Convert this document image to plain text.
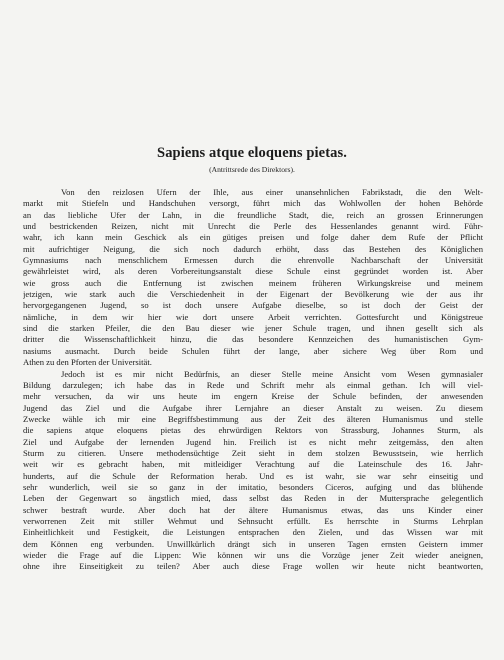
Sapiens atque eloquens pietas.
(Antrittsrede des Direktors).
Von den reizlosen Ufern der Ihle, aus einer unansehnlichen Fabrikstadt, die den Welt-
markt mit Stiefeln und Handschuhen versorgt, führt mich das Wohlwollen der hohen Behörde
an das liebliche Ufer der Lahn, in die freundliche Stadt, die, reich an grossen Erinnerungen
und bestrickenden Reizen, nicht mit Unrecht die Perle des Hessenlandes genannt wird. Führ-
wahr, ich kann mein Geschick als ein gütiges preisen und folge daher dem Rufe der Pflicht
mit aufrichtiger Neigung, die sich noch dadurch erhöht, dass das Bestehen des Königlichen
Gymnasiums nach menschlichem Ermessen durch die ehrenvolle Nachbarschaft der Universität
gewährleistet wird, als deren Vorbereitungsanstalt diese Schule einst gegründet worden ist. Aber
wie gross auch die Entfernung ist zwischen meinem früheren Wirkungskreise und meinem
jetzigen, wie stark auch die Verschiedenheit in der Eigenart der Bevölkerung wie der aus ihr
hervorgegangenen Jugend, so ist doch unsere Aufgabe dieselbe, so ist doch der Geist der
nämliche, in dem wir hier wie dort unsere Arbeit verrichten. Gottesfurcht und Königstreue
sind die starken Pfeiler, die den Bau dieser wie jener Schule tragen, und ihnen gesellt sich als
dritter die Wissenschaftlichkeit hinzu, die das besondere Kennzeichen des humanistischen Gym-
nasiums ausmacht. Durch beide Schulen führt der lange, aber sichere Weg über Rom und
Athen zu den Pforten der Universität.
Jedoch ist es mir nicht Bedürfnis, an dieser Stelle meine Ansicht vom Wesen gymnasialer
Bildung darzulegen; ich habe das in Rede und Schrift mehr als einmal gethan. Ich will viel-
mehr versuchen, da wir uns heute im engern Kreise der Schule befinden, der anwesenden
Jugend das Ziel und die Aufgabe ihrer Lernjahre an dieser Anstalt zu weisen. Zu diesem
Zwecke wähle ich mir eine Begriffsbestimmung aus der Zeit des älteren Humanismus und stelle
die sapiens atque eloquens pietas des ehrwürdigen Rektors von Strassburg, Johannes Sturm, als
Ziel und Aufgabe der lernenden Jugend hin. Freilich ist es nicht mehr zeitgemäss, den alten
Sturm zu citieren. Unsere methodensüchtige Zeit sieht in dem stolzen Bewusstsein, wie herrlich
weit wir es gebracht haben, mit mitleidiger Verachtung auf die Lateinschule des 16. Jahr-
hunderts, auf die Schule der Reformation herab. Und es ist wahr, sie war sehr einseitig und
sehr wunderlich, weil sie so ganz in der imitatio, besonders Ciceros, aufging und das blühende
Leben der Gegenwart so ängstlich mied, dass selbst das Reden in der Muttersprache gelegentlich
schwer bestraft wurde. Aber doch hat der ältere Humanismus etwas, das uns Kinder einer
verworrenen Zeit mit stiller Wehmut und Sehnsucht erfüllt. Es herrschte in Sturms Lehrplan
Einheitlichkeit und Festigkeit, die Leistungen entsprachen den Zielen, und das Wissen war mit
dem Können eng verbunden. Unwillkürlich drängt sich in unseren Tagen ernsten Geistern immer
wieder die Frage auf die Lippen: Wie können wir uns die Vorzüge jener Zeit wieder aneignen,
ohne ihre Einseitigkeit zu teilen? Aber auch diese Frage wollen wir heute nicht beantworten,
